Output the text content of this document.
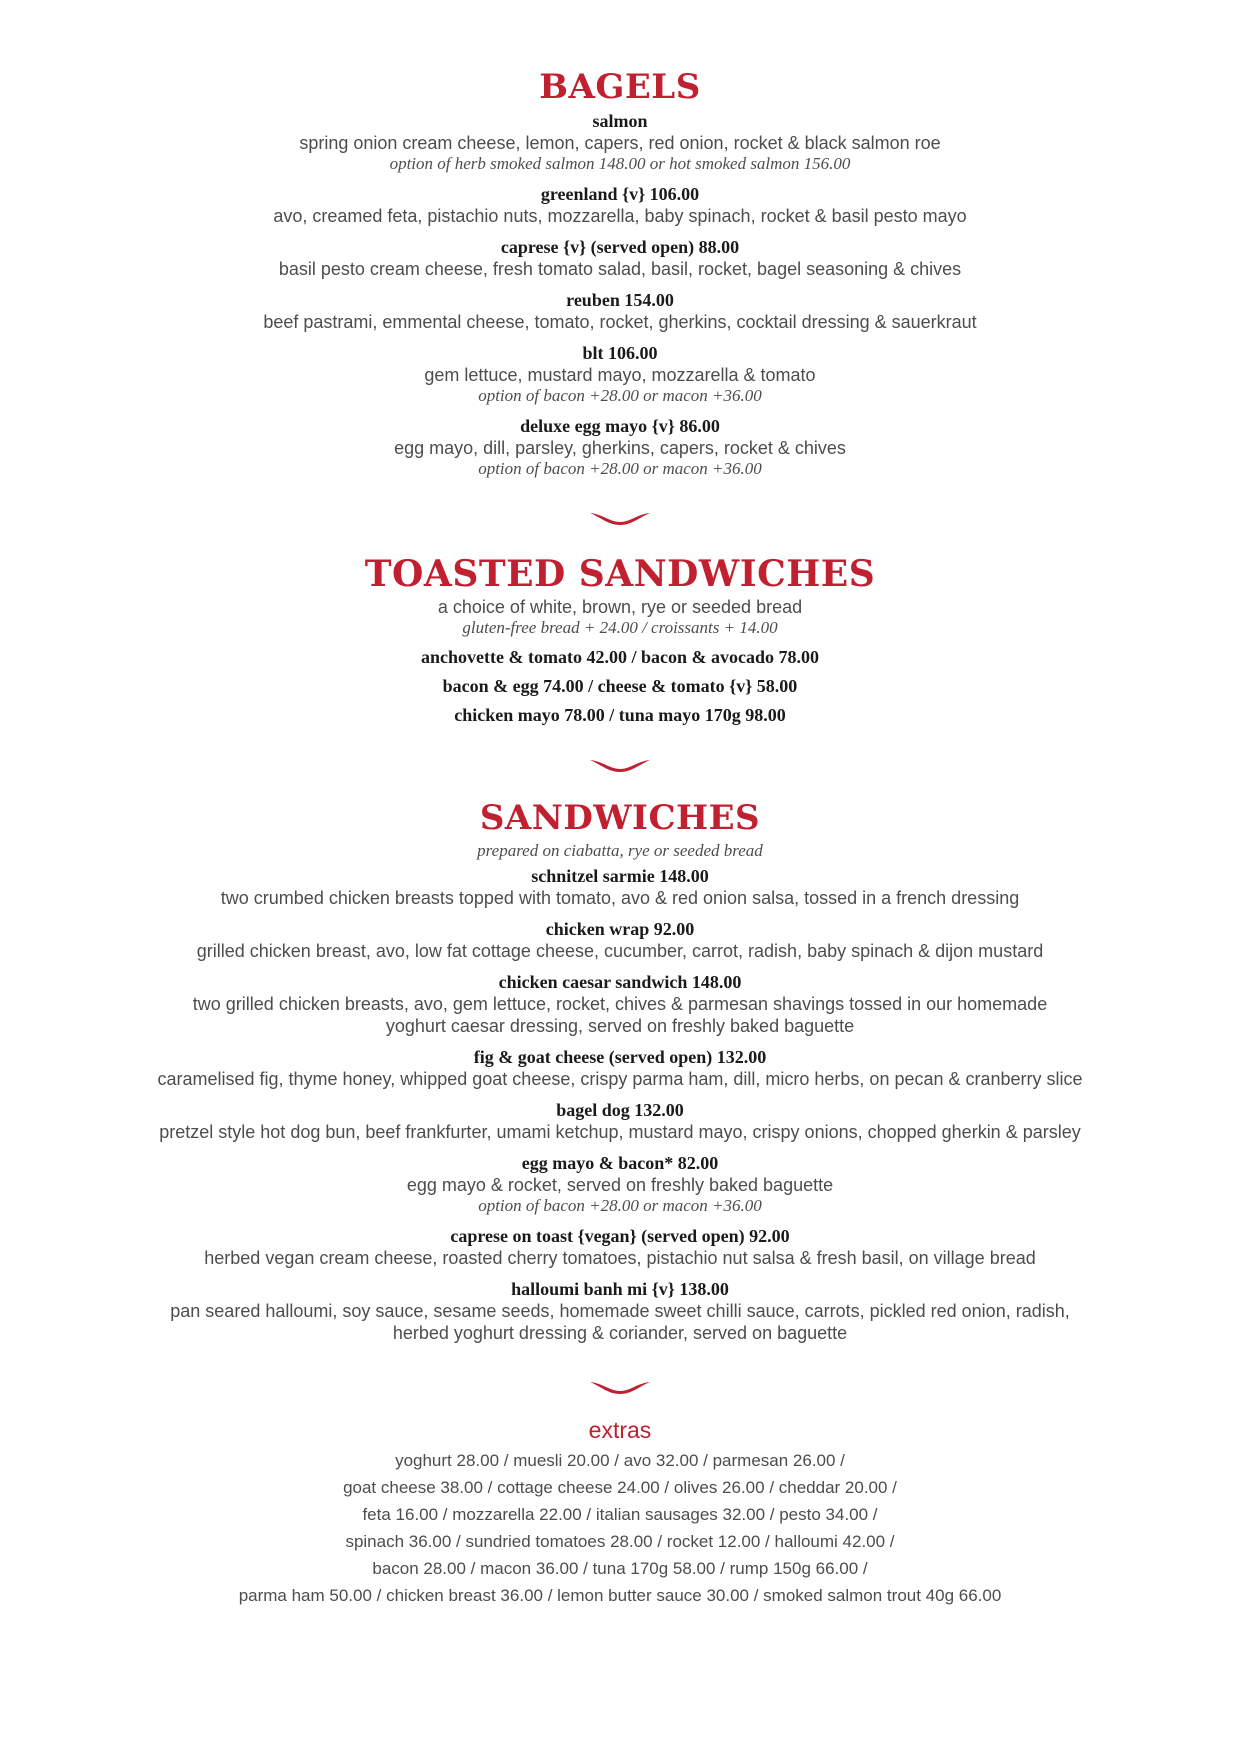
BAGELS
salmon
spring onion cream cheese, lemon, capers, red onion, rocket & black salmon roe
option of herb smoked salmon 148.00 or hot smoked salmon 156.00
greenland {v} 106.00
avo, creamed feta, pistachio nuts, mozzarella, baby spinach, rocket & basil pesto mayo
caprese {v} (served open) 88.00
basil pesto cream cheese, fresh tomato salad, basil, rocket, bagel seasoning & chives
reuben 154.00
beef pastrami, emmental cheese, tomato, rocket, gherkins, cocktail dressing & sauerkraut
blt 106.00
gem lettuce, mustard mayo, mozzarella & tomato
option of bacon +28.00 or macon +36.00
deluxe egg mayo {v} 86.00
egg mayo, dill, parsley, gherkins, capers, rocket & chives
option of bacon +28.00 or macon +36.00
TOASTED SANDWICHES
a choice of white, brown, rye or seeded bread
gluten-free bread + 24.00 / croissants + 14.00
anchovette & tomato 42.00 / bacon & avocado 78.00
bacon & egg 74.00 / cheese & tomato {v} 58.00
chicken mayo 78.00 / tuna mayo 170g 98.00
SANDWICHES
prepared on ciabatta, rye or seeded bread
schnitzel sarmie 148.00
two crumbed chicken breasts topped with tomato, avo & red onion salsa, tossed in a french dressing
chicken wrap 92.00
grilled chicken breast, avo, low fat cottage cheese, cucumber, carrot, radish, baby spinach & dijon mustard
chicken caesar sandwich 148.00
two grilled chicken breasts, avo, gem lettuce, rocket, chives & parmesan shavings tossed in our homemade
yoghurt caesar dressing, served on freshly baked baguette
fig & goat cheese (served open) 132.00
caramelised fig, thyme honey, whipped goat cheese, crispy parma ham, dill, micro herbs, on pecan & cranberry slice
bagel dog 132.00
pretzel style hot dog bun, beef frankfurter, umami ketchup, mustard mayo, crispy onions, chopped gherkin & parsley
egg mayo & bacon* 82.00
egg mayo & rocket, served on freshly baked baguette
option of bacon +28.00 or macon +36.00
caprese on toast {vegan} (served open) 92.00
herbed vegan cream cheese, roasted cherry tomatoes, pistachio nut salsa & fresh basil, on village bread
halloumi banh mi {v} 138.00
pan seared halloumi, soy sauce, sesame seeds, homemade sweet chilli sauce, carrots, pickled red onion, radish,
herbed yoghurt dressing & coriander, served on baguette
extras
yoghurt 28.00 / muesli 20.00 / avo 32.00 / parmesan 26.00 /
goat cheese 38.00 / cottage cheese 24.00 / olives 26.00 / cheddar 20.00 /
feta 16.00 / mozzarella 22.00 / italian sausages 32.00 / pesto 34.00 /
spinach 36.00 / sundried tomatoes 28.00 / rocket 12.00 / halloumi 42.00 /
bacon 28.00 / macon 36.00 / tuna 170g 58.00 / rump 150g 66.00 /
parma ham 50.00 / chicken breast 36.00 / lemon butter sauce 30.00 / smoked salmon trout 40g 66.00
